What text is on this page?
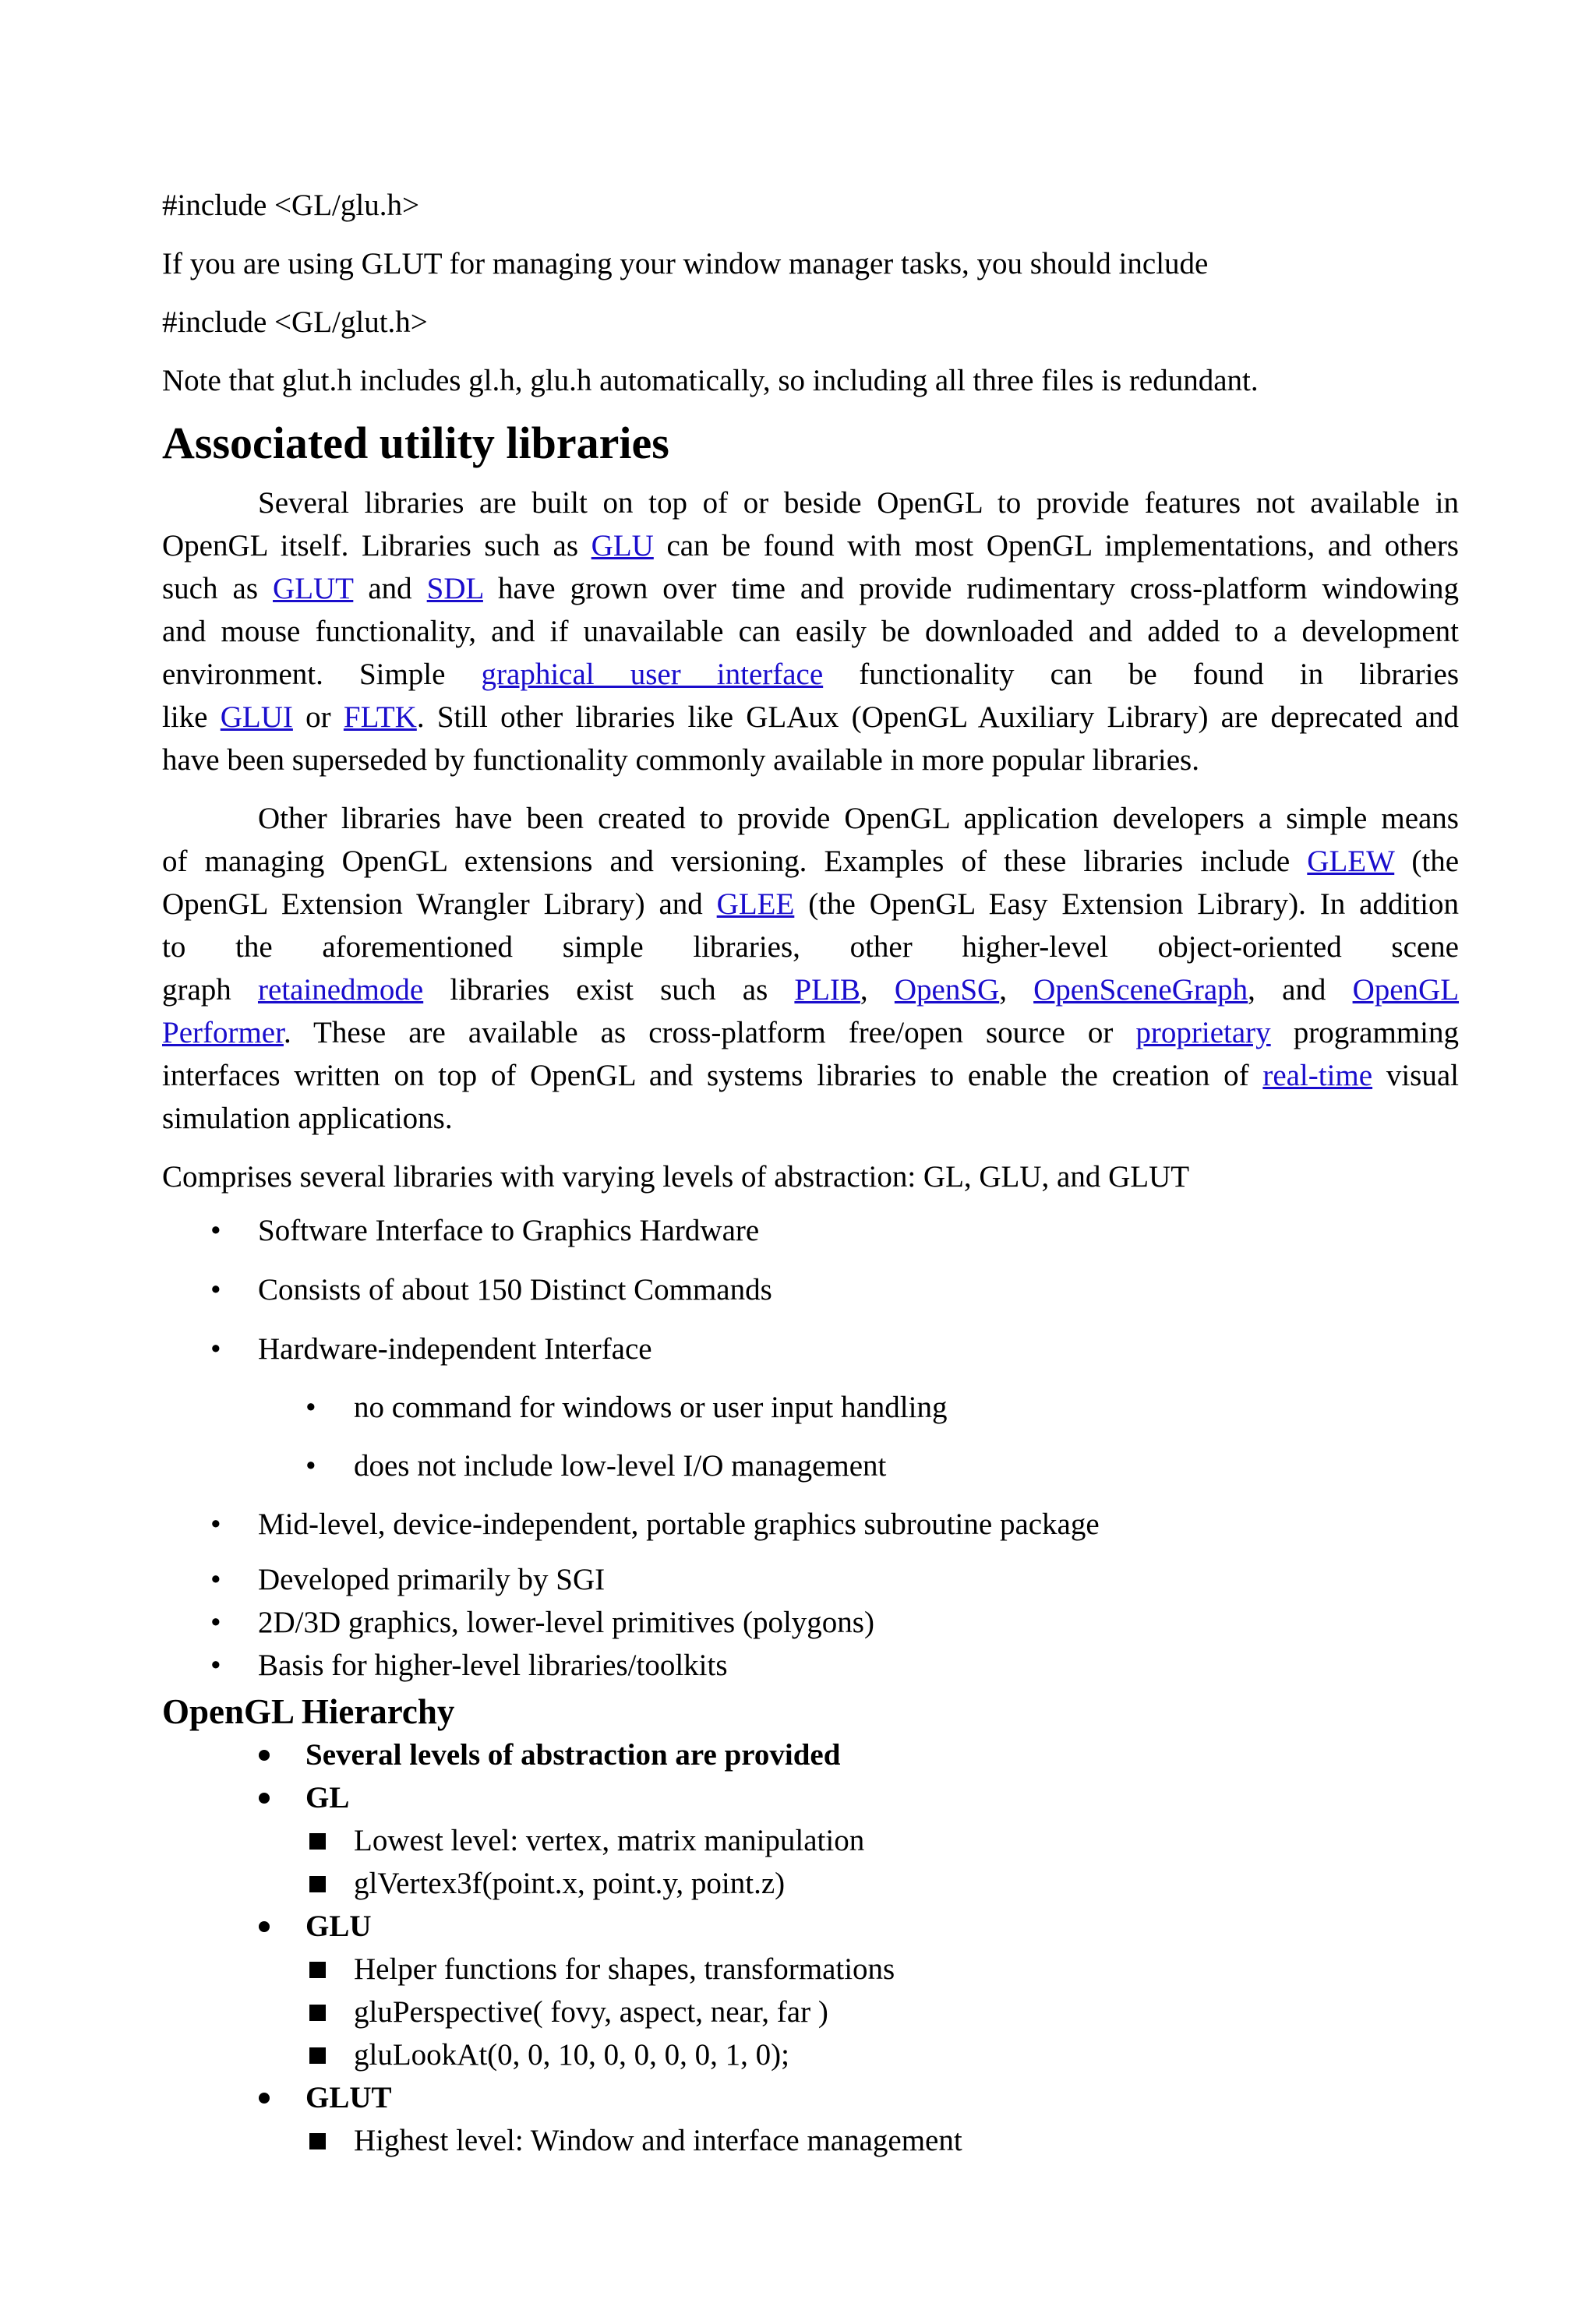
#include <GL/glu.h>
If you are using GLUT for managing your window manager tasks, you should include
#include <GL/glut.h>
Note that glut.h includes gl.h, glu.h automatically, so including all three files is redundant.
Associated utility libraries
Several libraries are built on top of or beside OpenGL to provide features not available in
OpenGL itself. Libraries such as GLU can be found with most OpenGL implementations, and others
such as GLUT and SDL have grown over time and provide rudimentary cross-platform windowing
and mouse functionality, and if unavailable can easily be downloaded and added to a development
environment. Simple graphical user interface functionality can be found in libraries
like GLUI or FLTK. Still other libraries like GLAux (OpenGL Auxiliary Library) are deprecated and
have been superseded by functionality commonly available in more popular libraries.
Other libraries have been created to provide OpenGL application developers a simple means
of managing OpenGL extensions and versioning. Examples of these libraries include GLEW (the
OpenGL Extension Wrangler Library) and GLEE (the OpenGL Easy Extension Library). In addition
to the aforementioned simple libraries, other higher-level object-oriented scene
graph retainedmode libraries exist such as PLIB, OpenSG, OpenSceneGraph, and OpenGL
Performer. These are available as cross-platform free/open source or proprietary programming
interfaces written on top of OpenGL and systems libraries to enable the creation of real-time visual
simulation applications.
Comprises several libraries with varying levels of abstraction: GL, GLU, and GLUT
• Software Interface to Graphics Hardware
• Consists of about 150 Distinct Commands
• Hardware-independent Interface
• no command for windows or user input handling
• does not include low-level I/O management
• Mid-level, device-independent, portable graphics subroutine package
• Developed primarily by SGI
• 2D/3D graphics, lower-level primitives (polygons)
• Basis for higher-level libraries/toolkits
OpenGL Hierarchy
Several levels of abstraction are provided
GL
Lowest level: vertex, matrix manipulation
glVertex3f(point.x, point.y, point.z)
GLU
Helper functions for shapes, transformations
gluPerspective( fovy, aspect, near, far )
gluLookAt(0, 0, 10, 0, 0, 0, 0, 1, 0);
GLUT
Highest level: Window and interface management
